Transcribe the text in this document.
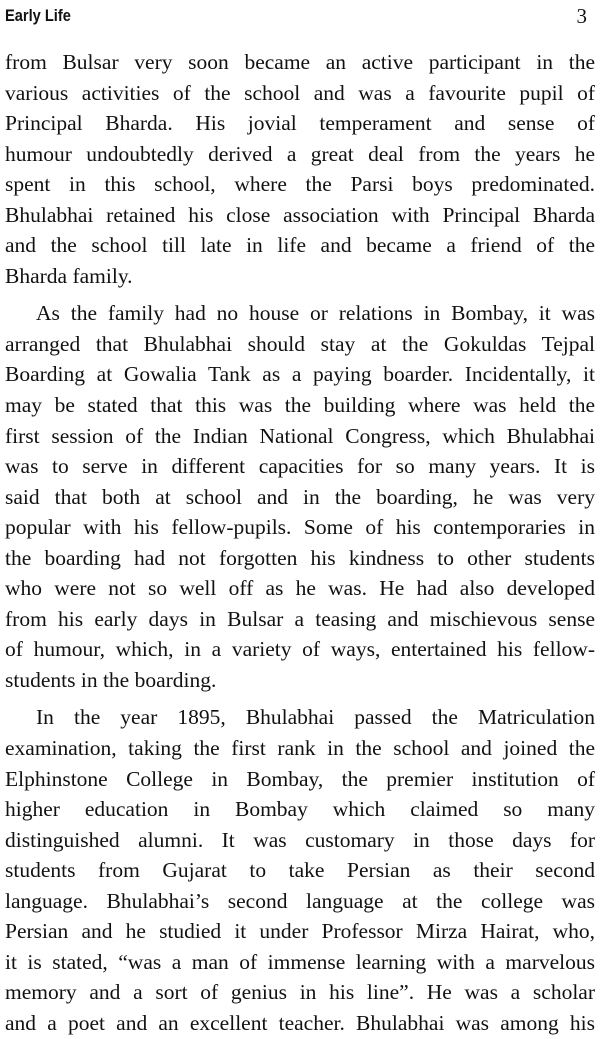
Early Life	3
from Bulsar very soon became an active participant in the
various activities of the school and was a favourite pupil of
Principal Bharda. His jovial temperament and sense of
humour undoubtedly derived a great deal from the years he
spent in this school, where the Parsi boys predominated.
Bhulabhai retained his close association with Principal Bharda
and the school till late in life and became a friend of the
Bharda family.
As the family had no house or relations in Bombay, it was
arranged that Bhulabhai should stay at the Gokuldas Tejpal
Boarding at Gowalia Tank as a paying boarder. Incidentally, it
may be stated that this was the building where was held the
first session of the Indian National Congress, which Bhulabhai
was to serve in different capacities for so many years. It is
said that both at school and in the boarding, he was very
popular with his fellow-pupils. Some of his contemporaries in
the boarding had not forgotten his kindness to other students
who were not so well off as he was. He had also developed
from his early days in Bulsar a teasing and mischievous sense
of humour, which, in a variety of ways, entertained his fellow-
students in the boarding.
In the year 1895, Bhulabhai passed the Matriculation
examination, taking the first rank in the school and joined the
Elphinstone College in Bombay, the premier institution of
higher education in Bombay which claimed so many
distinguished alumni. It was customary in those days for
students from Gujarat to take Persian as their second
language. Bhulabhai’s second language at the college was
Persian and he studied it under Professor Mirza Hairat, who,
it is stated, “was a man of immense learning with a marvelous
memory and a sort of genius in his line”. He was a scholar
and a poet and an excellent teacher. Bhulabhai was among his
